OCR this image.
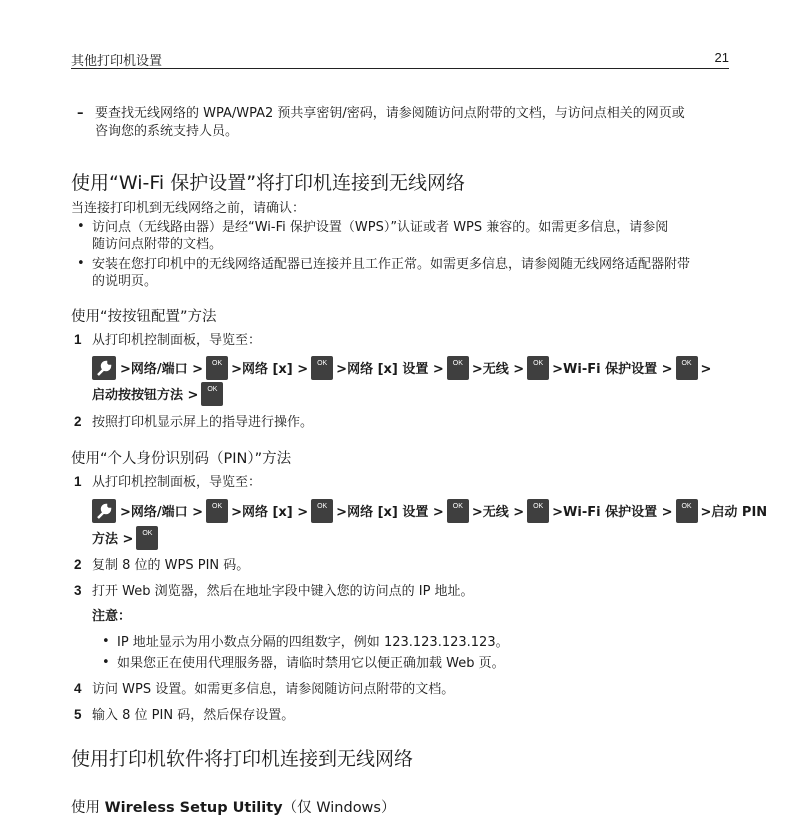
其他打印机设置	21
– 要查找无线网络的 WPA/WPA2 预共享密钥/密码，请参阅随访问点附带的文档，与访问点相关的网页或
咨询您的系统支持人员。
使用“Wi-Fi 保护设置”将打印机连接到无线网络
当连接打印机到无线网络之前，请确认：
• 访问点（无线路由器）是经“Wi-Fi 保护设置（WPS）”认证或者 WPS 兼容的。如需更多信息，请参阅
随访问点附带的文档。
• 安装在您打印机中的无线网络适配器已连接并且工作正常。如需更多信息，请参阅随无线网络适配器附带
的说明页。
使用“按按钮配置”方法
1 从打印机控制面板，导览至：
>网络/端口 >	OK >网络 [x] >	OK >网络 [x] 设置 >	OK >无线 >	OK >Wi-Fi 保护设置 >	OK >
启动按按钮方法 >	OK
2 按照打印机显示屏上的指导进行操作。
使用“个人身份识别码（PIN）”方法
1 从打印机控制面板，导览至：
>网络/端口 >	OK >网络 [x] >	OK >网络 [x] 设置 >	OK >无线 >	OK >Wi-Fi 保护设置 >	OK >启动 PIN
方法 >	OK
2 复制 8 位的 WPS PIN 码。
3 打开 Web 浏览器，然后在地址字段中键入您的访问点的 IP 地址。
注意：
• IP 地址显示为用小数点分隔的四组数字，例如 123.123.123.123。
• 如果您正在使用代理服务器，请临时禁用它以便正确加载 Web 页。
4 访问 WPS 设置。如需更多信息，请参阅随访问点附带的文档。
5 输入 8 位 PIN 码，然后保存设置。
使用打印机软件将打印机连接到无线网络
使用 Wireless Setup Utility（仅 Windows）
